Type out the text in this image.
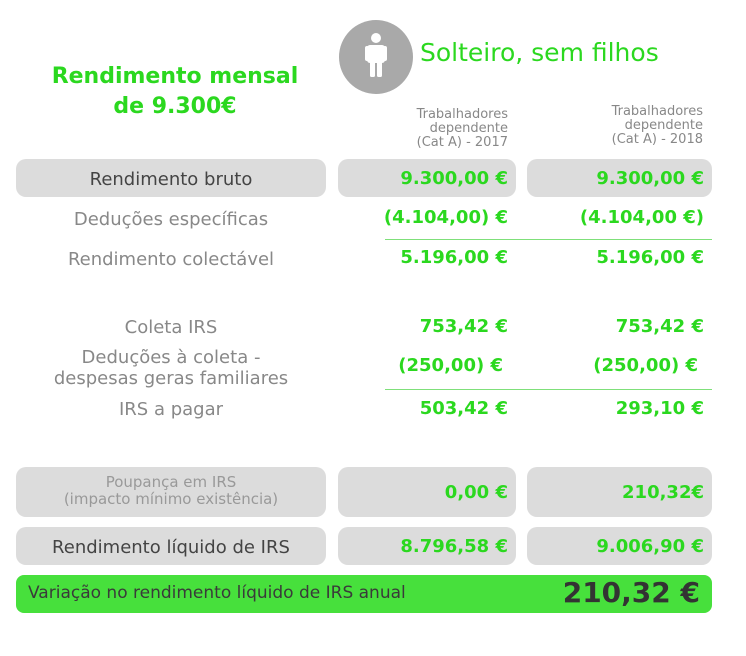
Rendimento mensal
de 9.300€
Solteiro, sem filhos
Trabalhadores
dependente
(Cat A) - 2017
Trabalhadores
dependente
(Cat A) - 2018
Rendimento bruto	9.300,00 €	9.300,00 €
Deduções específicas	(4.104,00) €	(4.104,00 €)
Rendimento colectável	5.196,00 €	5.196,00 €
Coleta IRS	753,42 €	753,42 €
Deduções à coleta -
despesas geras familiares
(250,00) €	(250,00) €
IRS a pagar	503,42 €	293,10 €
Poupança em IRS
(impacto mínimo existência)	0,00 €	210,32€
Rendimento líquido de IRS	8.796,58 €	9.006,90 €
Variação no rendimento líquido de IRS anual	210,32 €
